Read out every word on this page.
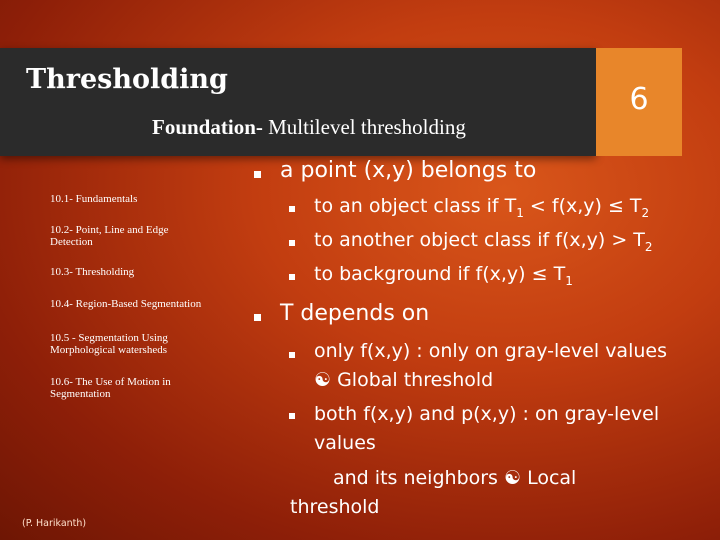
Thresholding
Foundation- Multilevel thresholding
6
10.1- Fundamentals
10.2- Point, Line and Edge Detection
10.3- Thresholding
10.4- Region-Based Segmentation
10.5 - Segmentation Using Morphological watersheds
10.6- The Use of Motion in Segmentation
(P. Harikanth)
a point (x,y) belongs to
to an object class if $T_1 < f(x,y) \le T_2$
to another object class if $f(x,y) > T_2$
to background if $f(x,y) \le T_1$
T depends on
only f(x,y) : only on gray-level values
☯ Global threshold
both f(x,y) and p(x,y) : on gray-level
values
and its neighbors ☯ Local
threshold
